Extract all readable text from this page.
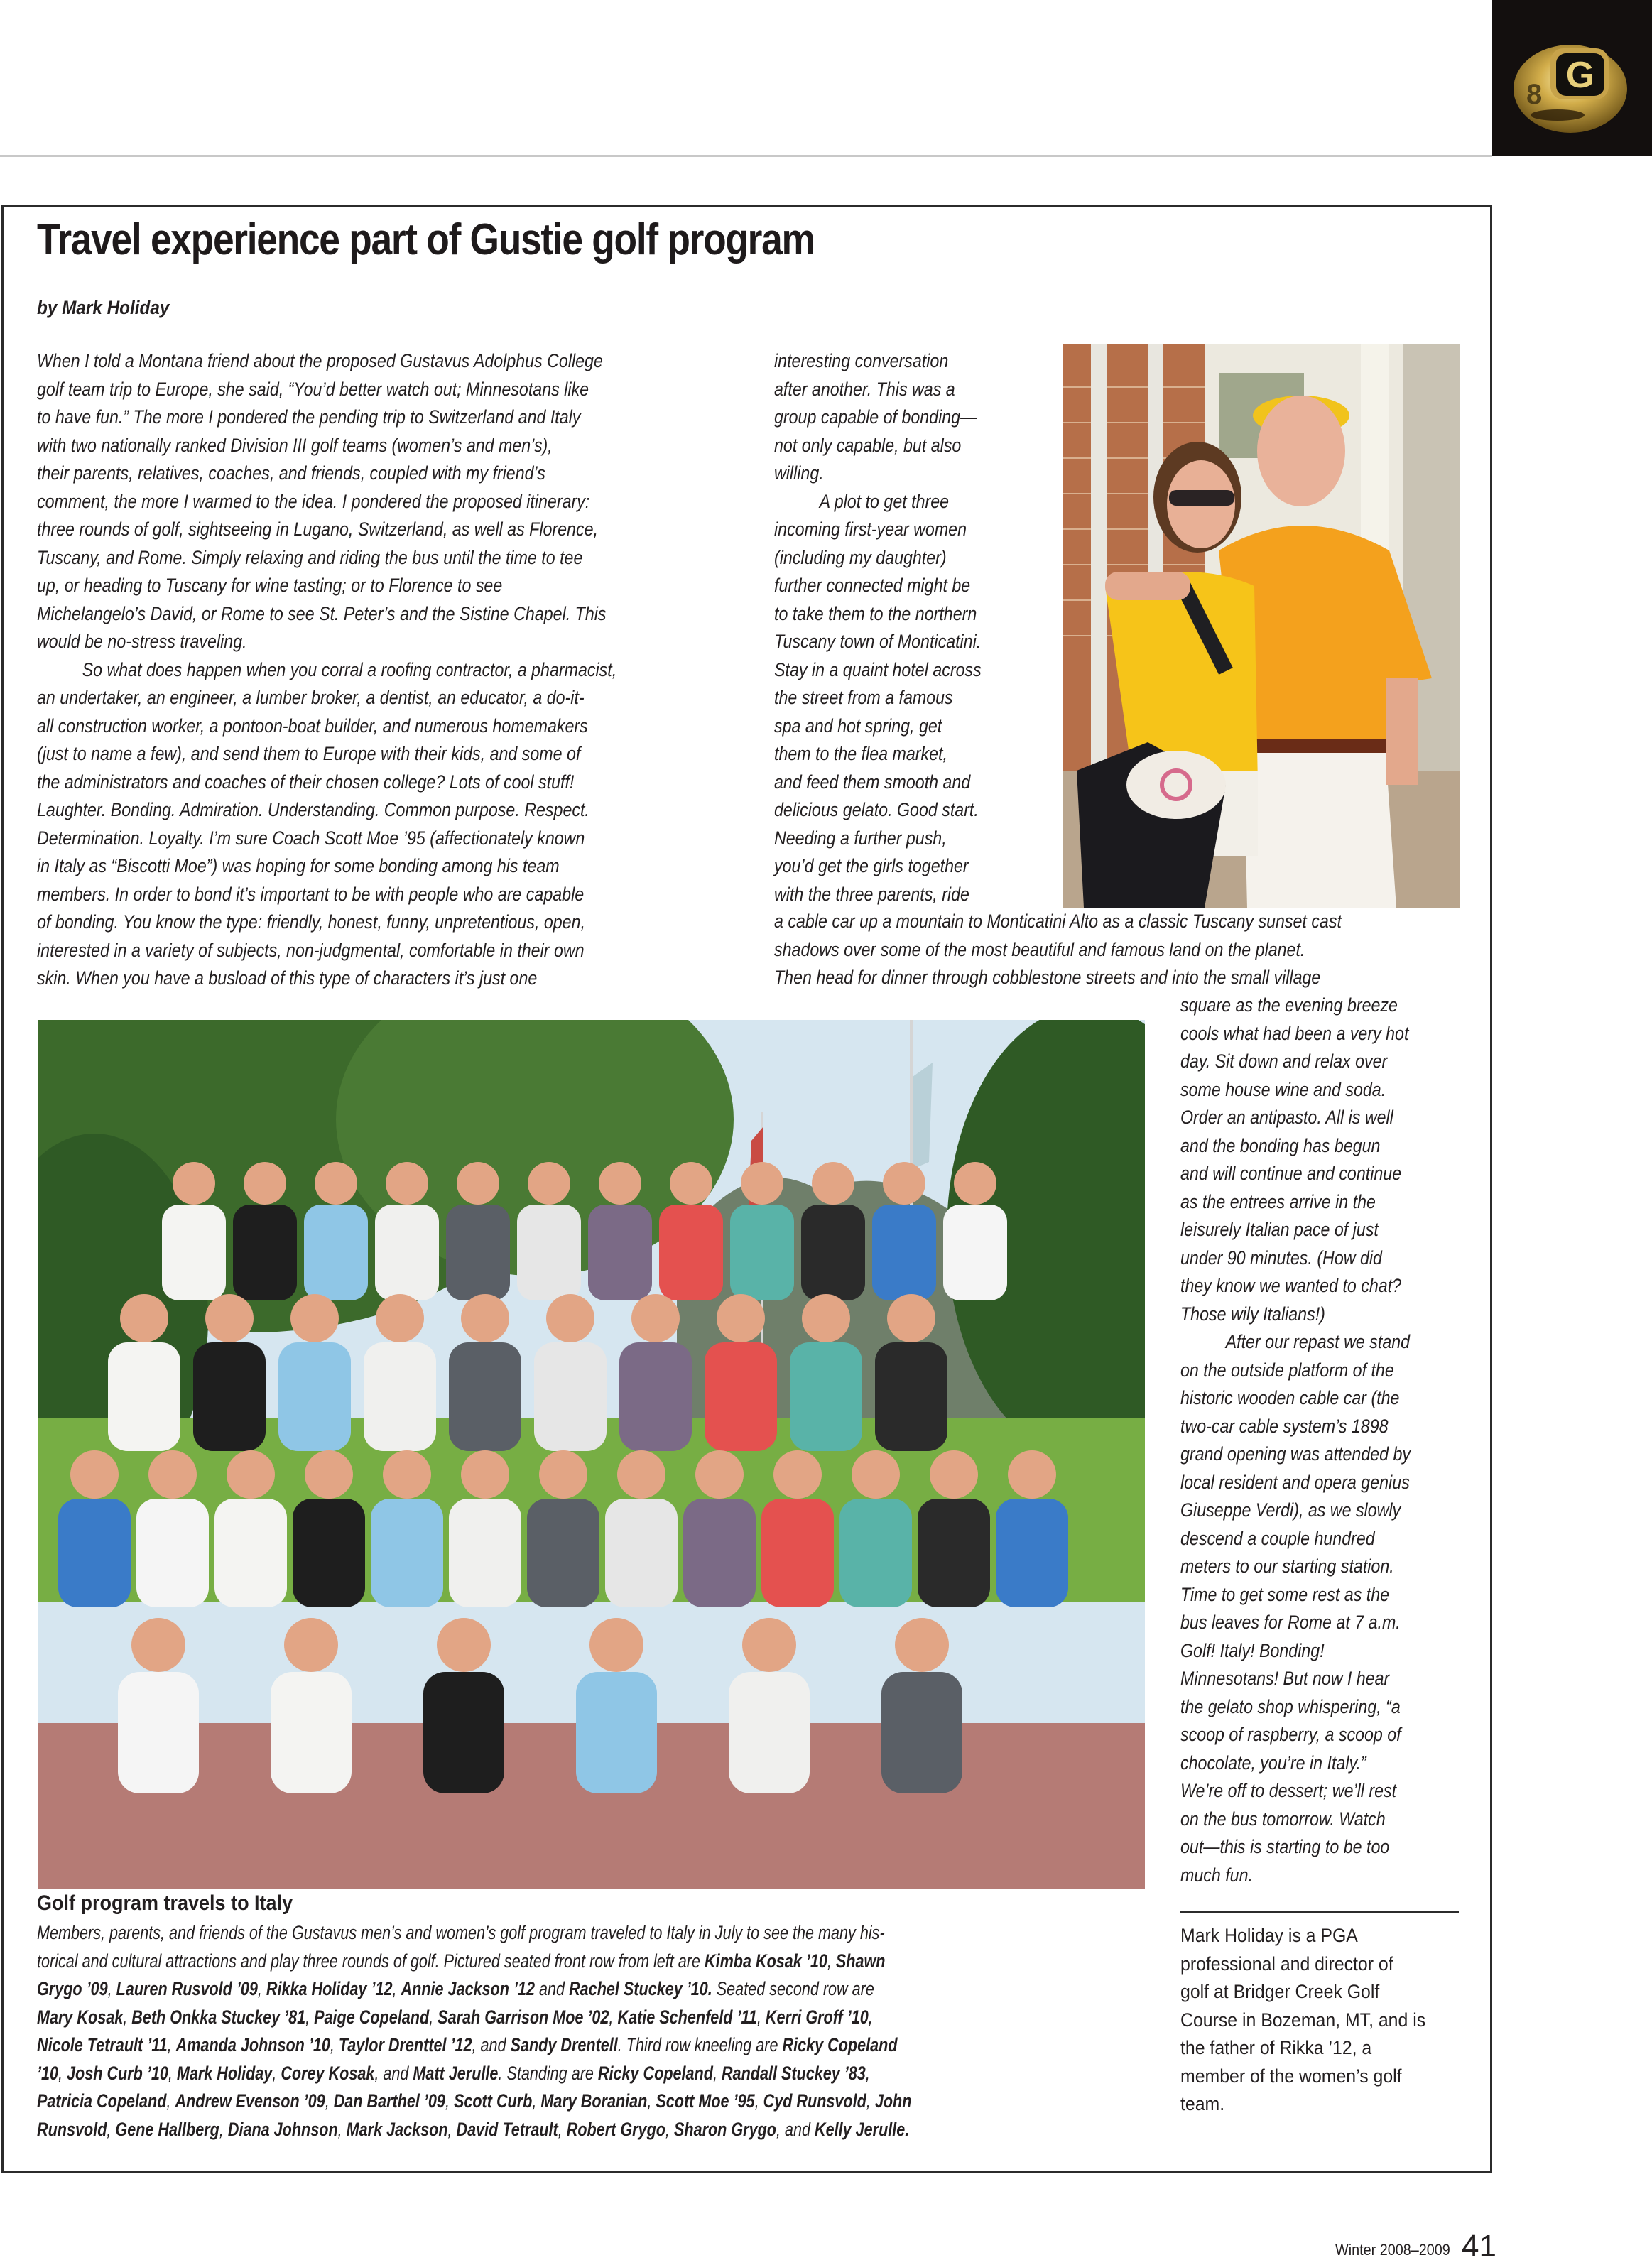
G
8
Travel experience part of Gustie golf program
by Mark Holiday
When I told a Montana friend about the proposed Gustavus Adolphus College
golf team trip to Europe, she said, “You’d better watch out; Minnesotans like
to have fun.” The more I pondered the pending trip to Switzerland and Italy
with two nationally ranked Division III golf teams (women’s and men’s),
their parents, relatives, coaches, and friends, coupled with my friend’s
comment, the more I warmed to the idea. I pondered the proposed itinerary:
three rounds of golf, sightseeing in Lugano, Switzerland, as well as Florence,
Tuscany, and Rome. Simply relaxing and riding the bus until the time to tee
up, or heading to Tuscany for wine tasting; or to Florence to see
Michelangelo’s David, or Rome to see St. Peter’s and the Sistine Chapel. This
would be no-stress traveling.
So what does happen when you corral a roofing contractor, a pharmacist,
an undertaker, an engineer, a lumber broker, a dentist, an educator, a do-it-
all construction worker, a pontoon-boat builder, and numerous homemakers
(just to name a few), and send them to Europe with their kids, and some of
the administrators and coaches of their chosen college? Lots of cool stuff!
Laughter. Bonding. Admiration. Understanding. Common purpose. Respect.
Determination. Loyalty. I’m sure Coach Scott Moe ’95 (affectionately known
in Italy as “Biscotti Moe”) was hoping for some bonding among his team
members. In order to bond it’s important to be with people who are capable
of bonding. You know the type: friendly, honest, funny, unpretentious, open,
interested in a variety of subjects, non-judgmental, comfortable in their own
skin. When you have a busload of this type of characters it’s just one
interesting conversation
after another. This was a
group capable of bonding—
not only capable, but also
willing.
A plot to get three
incoming first-year women
(including my daughter)
further connected might be
to take them to the northern
Tuscany town of Monticatini.
Stay in a quaint hotel across
the street from a famous
spa and hot spring, get
them to the flea market,
and feed them smooth and
delicious gelato. Good start.
Needing a further push,
you’d get the girls together
with the three parents, ride
a cable car up a mountain to Monticatini Alto as a classic Tuscany sunset cast
shadows over some of the most beautiful and famous land on the planet.
Then head for dinner through cobblestone streets and into the small village
square as the evening breeze
cools what had been a very hot
day. Sit down and relax over
some house wine and soda.
Order an antipasto. All is well
and the bonding has begun
and will continue and continue
as the entrees arrive in the
leisurely Italian pace of just
under 90 minutes. (How did
they know we wanted to chat?
Those wily Italians!)
After our repast we stand
on the outside platform of the
historic wooden cable car (the
two-car cable system’s 1898
grand opening was attended by
local resident and opera genius
Giuseppe Verdi), as we slowly
descend a couple hundred
meters to our starting station.
Time to get some rest as the
bus leaves for Rome at 7 a.m.
Golf! Italy! Bonding!
Minnesotans! But now I hear
the gelato shop whispering, “a
scoop of raspberry, a scoop of
chocolate, you’re in Italy.”
We’re off to dessert; we’ll rest
on the bus tomorrow. Watch
out—this is starting to be too
much fun.
Golf program travels to Italy
Members, parents, and friends of the Gustavus men’s and women’s golf program traveled to Italy in July to see the many his-
torical and cultural attractions and play three rounds of golf. Pictured seated front row from left are Kimba Kosak ’10, Shawn
Grygo ’09, Lauren Rusvold ’09, Rikka Holiday ’12, Annie Jackson ’12 and Rachel Stuckey ’10. Seated second row are
Mary Kosak, Beth Onkka Stuckey ’81, Paige Copeland, Sarah Garrison Moe ’02, Katie Schenfeld ’11, Kerri Groff ’10,
Nicole Tetrault ’11, Amanda Johnson ’10, Taylor Drenttel ’12, and Sandy Drentell. Third row kneeling are Ricky Copeland
’10, Josh Curb ’10, Mark Holiday, Corey Kosak, and Matt Jerulle. Standing are Ricky Copeland, Randall Stuckey ’83,
Patricia Copeland, Andrew Evenson ’09, Dan Barthel ’09, Scott Curb, Mary Boranian, Scott Moe ’95, Cyd Runsvold, John
Runsvold, Gene Hallberg, Diana Johnson, Mark Jackson, David Tetrault, Robert Grygo, Sharon Grygo, and Kelly Jerulle.
Mark Holiday is a PGA
professional and director of
golf at Bridger Creek Golf
Course in Bozeman, MT, and is
the father of Rikka ’12, a
member of the women’s golf
team.
Winter 2008–2009 41
